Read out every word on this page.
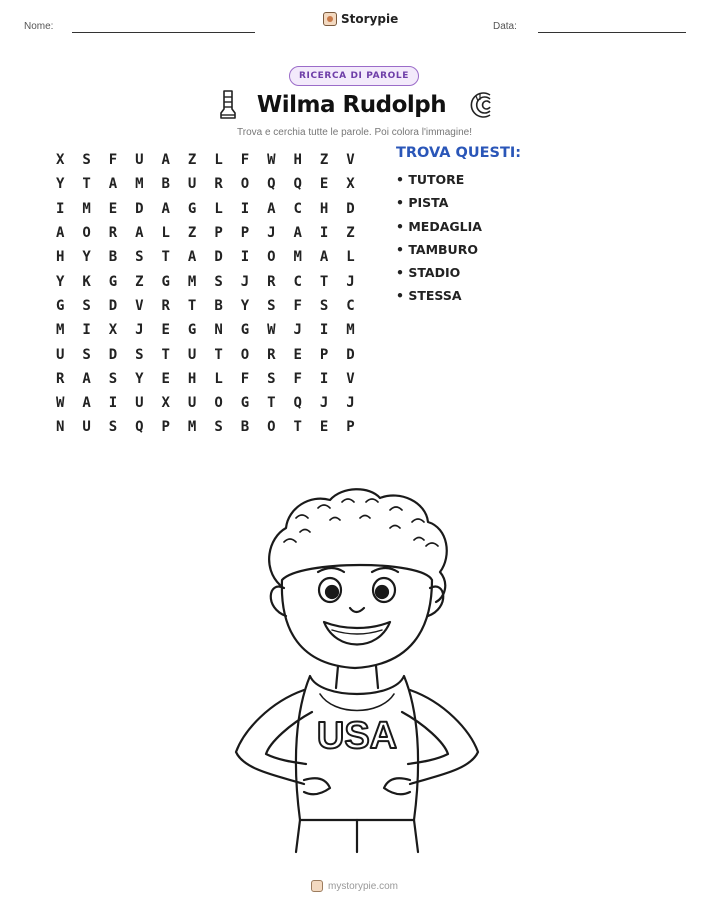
Nome:
Storypie
Data:
RICERCA DI PAROLE
Wilma Rudolph
Trova e cerchia tutte le parole. Poi colora l'immagine!
X	S	F	U	A	Z	L	F	W	H	Z	V
Y	T	A	M	B	U	R	O	Q	Q	E	X
I	M	E	D	A	G	L	I	A	C	H	D
A	O	R	A	L	Z	P	P	J	A	I	Z
H	Y	B	S	T	A	D	I	O	M	A	L
Y	K	G	Z	G	M	S	J	R	C	T	J
G	S	D	V	R	T	B	Y	S	F	S	C
M	I	X	J	E	G	N	G	W	J	I	M
U	S	D	S	T	U	T	O	R	E	P	D
R	A	S	Y	E	H	L	F	S	F	I	V
W	A	I	U	X	U	O	G	T	Q	J	J
N	U	S	Q	P	M	S	B	O	T	E	P
TROVA QUESTI:
• TUTORE
• PISTA
• MEDAGLIA
• TAMBURO
• STADIO
• STESSA
USA
mystorypie.com
